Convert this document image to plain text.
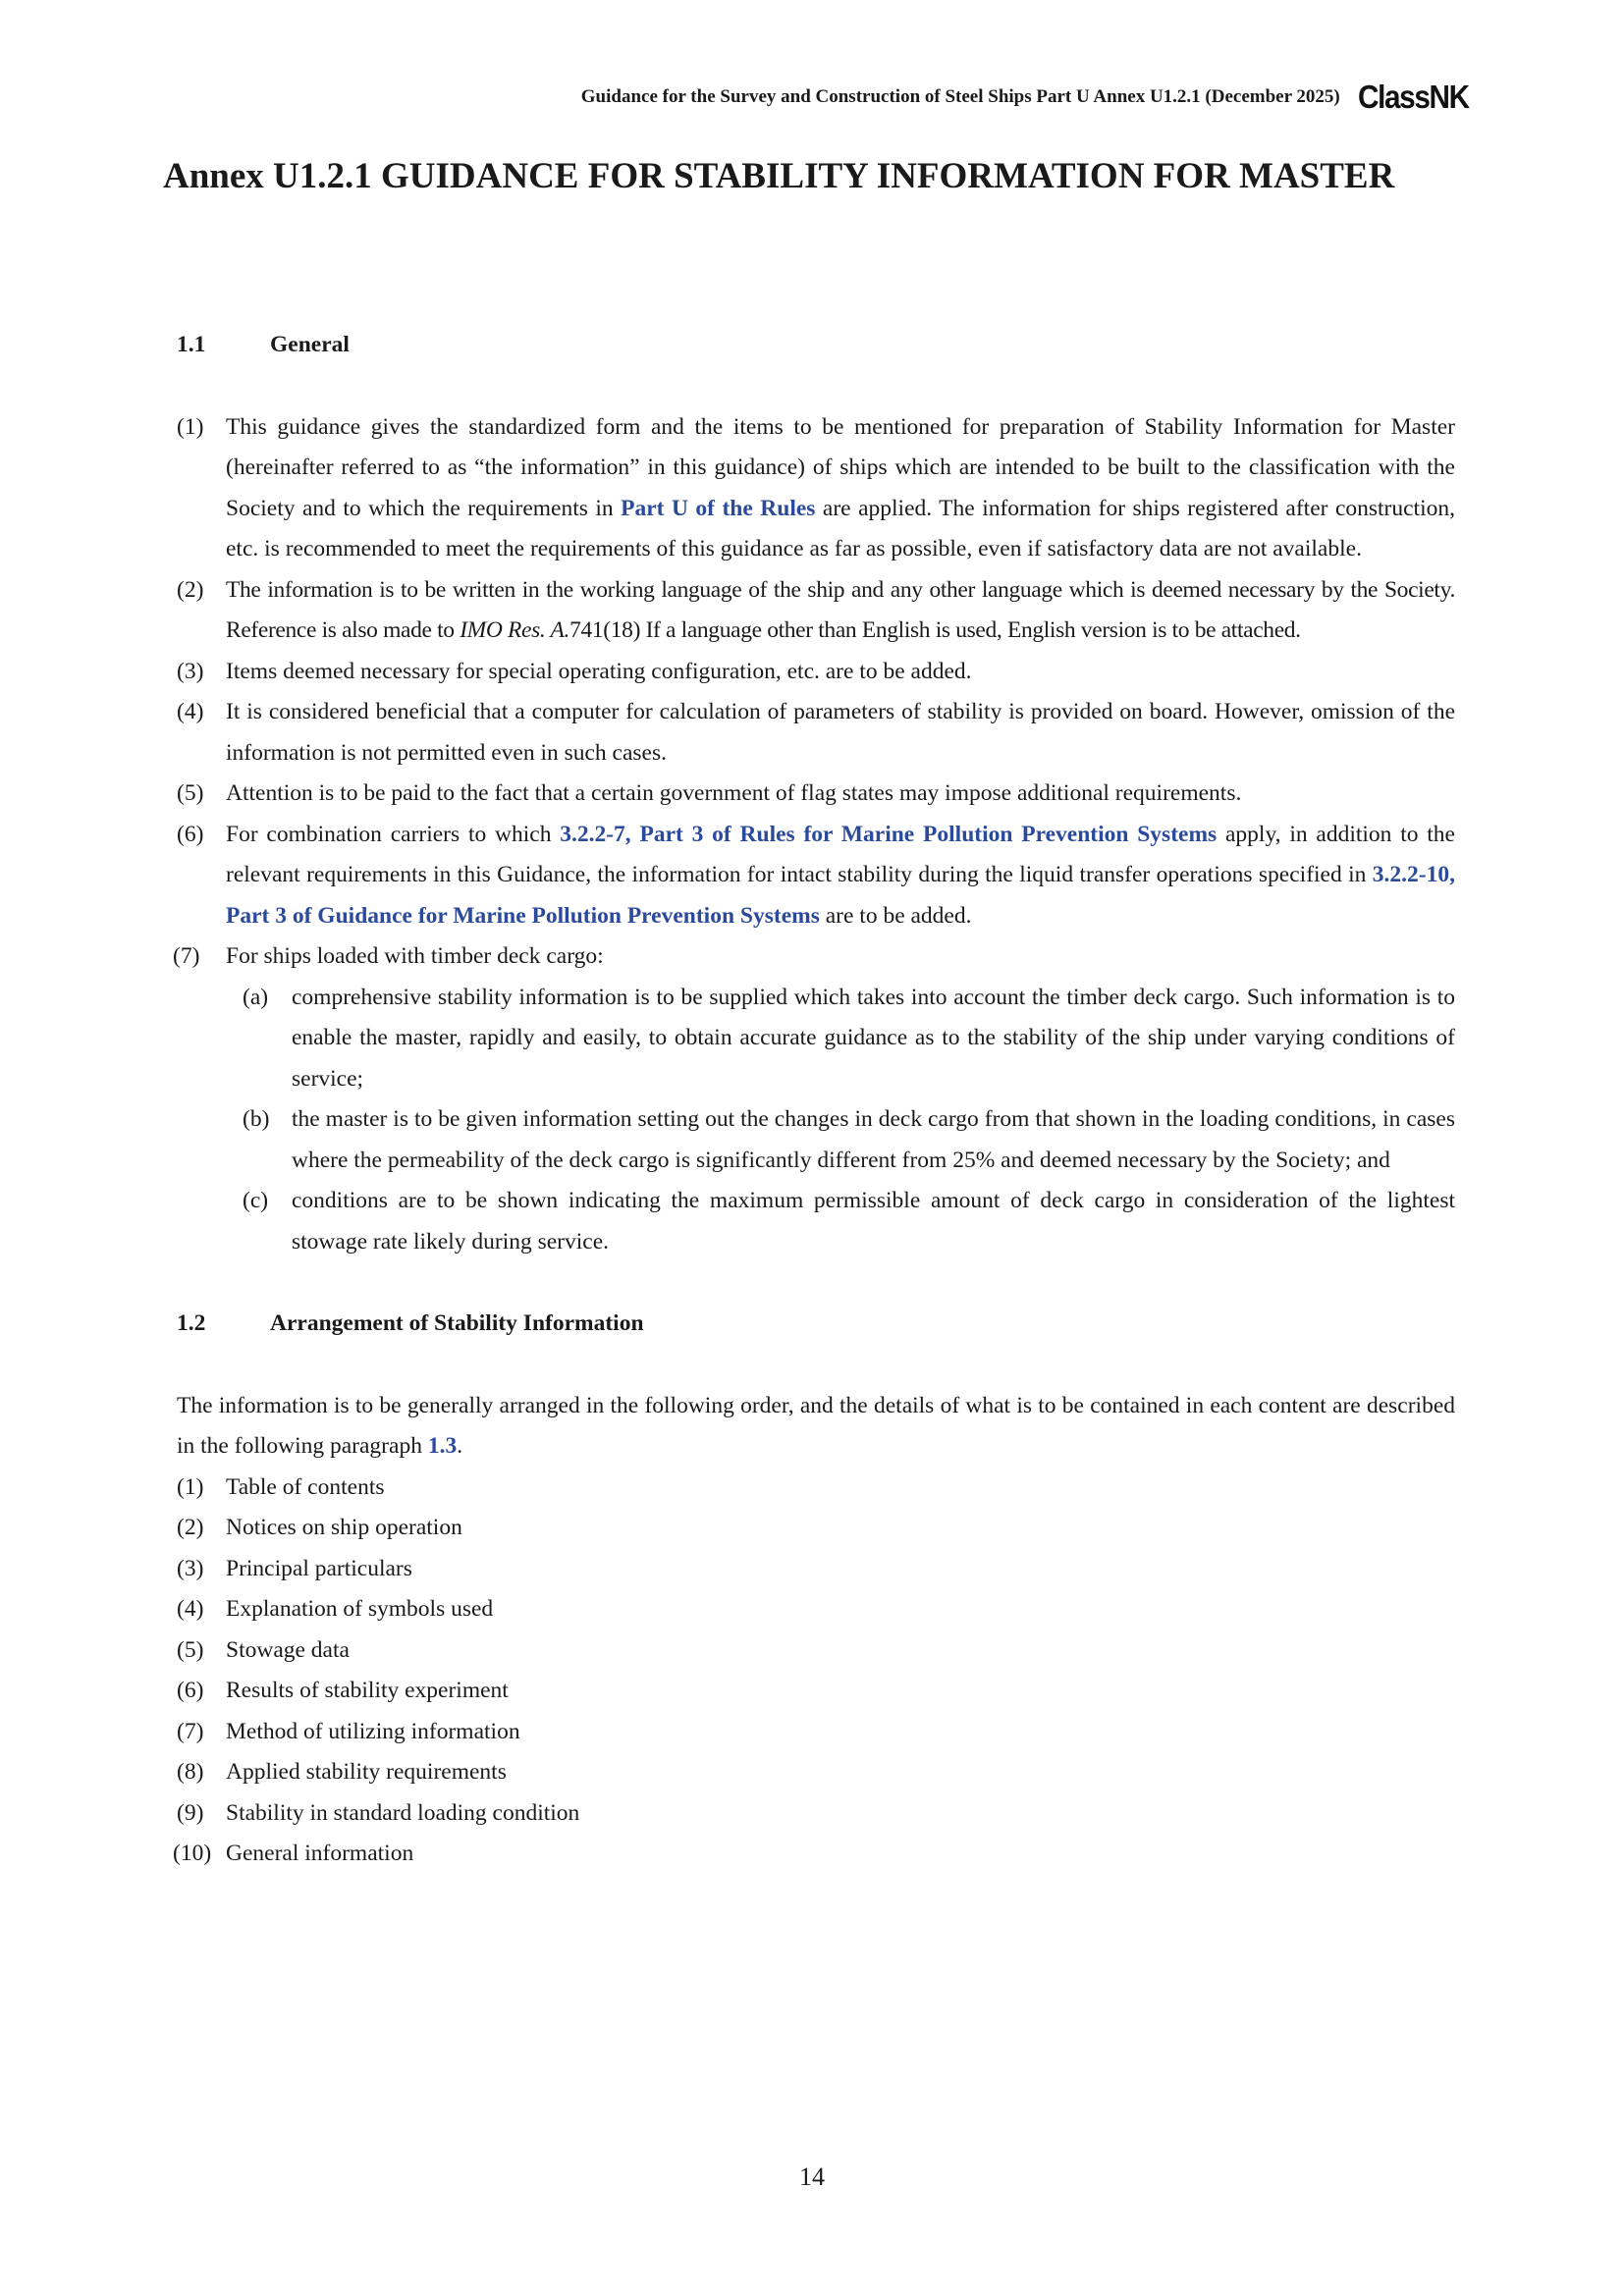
Guidance for the Survey and Construction of Steel Ships Part U Annex U1.2.1 (December 2025) ClassNK
Annex U1.2.1 GUIDANCE FOR STABILITY INFORMATION FOR MASTER
1.1	General
(1) This guidance gives the standardized form and the items to be mentioned for preparation of Stability Information for Master (hereinafter referred to as “the information” in this guidance) of ships which are intended to be built to the classification with the Society and to which the requirements in Part U of the Rules are applied. The information for ships registered after construction, etc. is recommended to meet the requirements of this guidance as far as possible, even if satisfactory data are not available.
(2) The information is to be written in the working language of the ship and any other language which is deemed necessary by the Society. Reference is also made to IMO Res. A.741(18) If a language other than English is used, English version is to be attached.
(3) Items deemed necessary for special operating configuration, etc. are to be added.
(4) It is considered beneficial that a computer for calculation of parameters of stability is provided on board. However, omission of the information is not permitted even in such cases.
(5) Attention is to be paid to the fact that a certain government of flag states may impose additional requirements.
(6) For combination carriers to which 3.2.2-7, Part 3 of Rules for Marine Pollution Prevention Systems apply, in addition to the relevant requirements in this Guidance, the information for intact stability during the liquid transfer operations specified in 3.2.2-10, Part 3 of Guidance for Marine Pollution Prevention Systems are to be added.
(7)	For ships loaded with timber deck cargo:
(a)	comprehensive stability information is to be supplied which takes into account the timber deck cargo. Such information is to enable the master, rapidly and easily, to obtain accurate guidance as to the stability of the ship under varying conditions of service;
(b) the master is to be given information setting out the changes in deck cargo from that shown in the loading conditions, in cases where the permeability of the deck cargo is significantly different from 25% and deemed necessary by the Society; and
(c)	conditions are to be shown indicating the maximum permissible amount of deck cargo in consideration of the lightest stowage rate likely during service.
1.2	Arrangement of Stability Information
The information is to be generally arranged in the following order, and the details of what is to be contained in each content are described in the following paragraph 1.3.
(1) Table of contents
(2) Notices on ship operation
(3) Principal particulars
(4) Explanation of symbols used
(5) Stowage data
(6) Results of stability experiment
(7) Method of utilizing information
(8) Applied stability requirements
(9) Stability in standard loading condition
(10) General information
14
